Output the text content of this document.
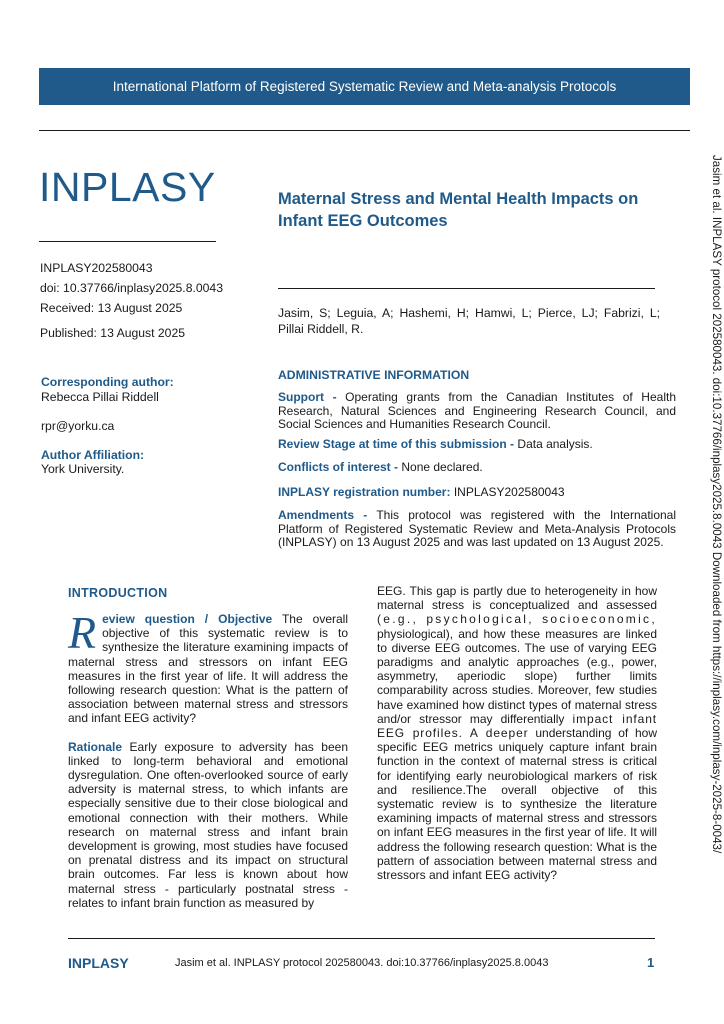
International Platform of Registered Systematic Review and Meta-analysis Protocols
INPLASY
INPLASY202580043
doi: 10.37766/inplasy2025.8.0043
Received: 13 August 2025
Published: 13 August 2025
Corresponding author:
Rebecca Pillai Riddell
rpr@yorku.ca
Author Affiliation:
York University.
Maternal Stress and Mental Health Impacts on Infant EEG Outcomes
Jasim, S; Leguia, A; Hashemi, H; Hamwi, L; Pierce, LJ; Fabrizi, L; Pillai Riddell, R.
ADMINISTRATIVE INFORMATION
Support - Operating grants from the Canadian Institutes of Health Research, Natural Sciences and Engineering Research Council, and Social Sciences and Humanities Research Council.
Review Stage at time of this submission - Data analysis.
Conflicts of interest - None declared.
INPLASY registration number: INPLASY202580043
Amendments - This protocol was registered with the International Platform of Registered Systematic Review and Meta-Analysis Protocols (INPLASY) on 13 August 2025 and was last updated on 13 August 2025.
INTRODUCTION
Review question / Objective The overall objective of this systematic review is to synthesize the literature examining impacts of maternal stress and stressors on infant EEG measures in the first year of life. It will address the following research question: What is the pattern of association between maternal stress and stressors and infant EEG activity?
Rationale Early exposure to adversity has been linked to long-term behavioral and emotional dysregulation. One often-overlooked source of early adversity is maternal stress, to which infants are especially sensitive due to their close biological and emotional connection with their mothers. While research on maternal stress and infant brain development is growing, most studies have focused on prenatal distress and its impact on structural brain outcomes. Far less is known about how maternal stress - particularly postnatal stress - relates to infant brain function as measured by
EEG. This gap is partly due to heterogeneity in how maternal stress is conceptualized and assessed (e.g., psychological, socioeconomic, physiological), and how these measures are linked to diverse EEG outcomes. The use of varying EEG paradigms and analytic approaches (e.g., power, asymmetry, aperiodic slope) further limits comparability across studies. Moreover, few studies have examined how distinct types of maternal stress and/or stressor may differentially impact infant EEG profiles. A deeper understanding of how specific EEG metrics uniquely capture infant brain function in the context of maternal stress is critical for identifying early neurobiological markers of risk and resilience.The overall objective of this systematic review is to synthesize the literature examining impacts of maternal stress and stressors on infant EEG measures in the first year of life. It will address the following research question: What is the pattern of association between maternal stress and stressors and infant EEG activity?
Jasim et al. INPLASY protocol 202580043. doi:10.37766/inplasy2025.8.0043 Downloaded from https://inplasy.com/inplasy-2025-8-0043/
INPLASY	Jasim et al. INPLASY protocol 202580043. doi:10.37766/inplasy2025.8.0043	1
